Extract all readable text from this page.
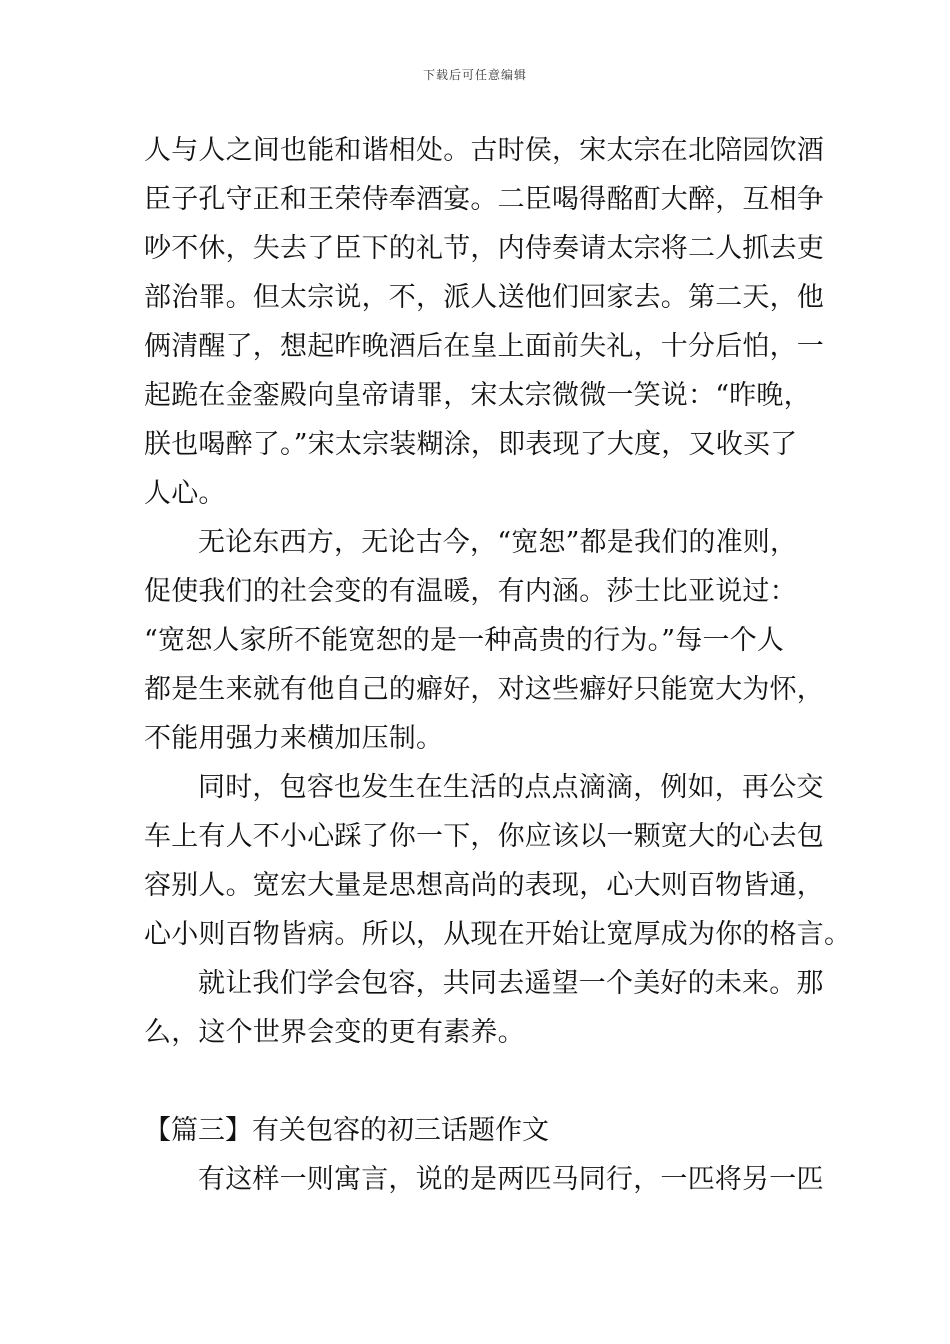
下载后可任意编辑
人与人之间也能和谐相处。古时侯，宋太宗在北陪园饮酒
臣子孔守正和王荣侍奉酒宴。二臣喝得酩酊大醉，互相争
吵不休，失去了臣下的礼节，内侍奏请太宗将二人抓去吏
部治罪。但太宗说，不，派人送他们回家去。第二天，他
俩清醒了，想起昨晚酒后在皇上面前失礼，十分后怕，一
起跪在金銮殿向皇帝请罪，宋太宗微微一笑说：“昨晚，
朕也喝醉了。”宋太宗装糊涂，即表现了大度，又收买了
人心。
无论东西方，无论古今，“宽恕”都是我们的准则，
促使我们的社会变的有温暖，有内涵。莎士比亚说过：
“宽恕人家所不能宽恕的是一种高贵的行为。”每一个人
都是生来就有他自己的癖好，对这些癖好只能宽大为怀，
不能用强力来横加压制。
同时，包容也发生在生活的点点滴滴，例如，再公交
车上有人不小心踩了你一下，你应该以一颗宽大的心去包
容别人。宽宏大量是思想高尚的表现，心大则百物皆通，
心小则百物皆病。所以，从现在开始让宽厚成为你的格言。
就让我们学会包容，共同去遥望一个美好的未来。那
么，这个世界会变的更有素养。
【篇三】有关包容的初三话题作文
有这样一则寓言，说的是两匹马同行，一匹将另一匹
